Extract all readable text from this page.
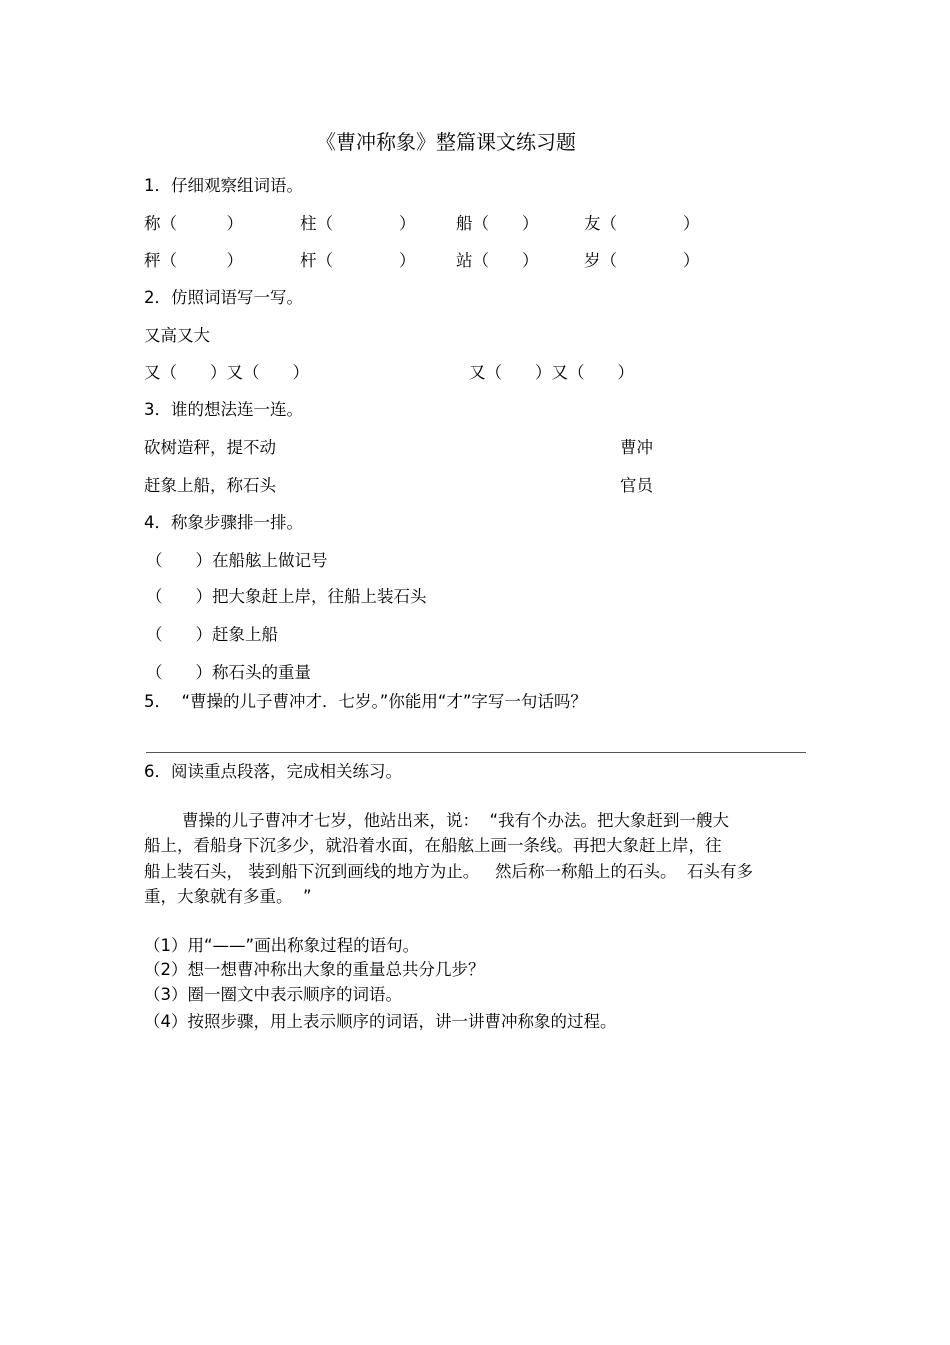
《曹冲称象》整篇课文练习题
1．仔细观察组词语。
称（　　　）	柱（　　　　） 船（　　）	友（　　　　）
秤（　　　）	杆（　　　　） 站（　　）	岁（　　　　）
2．仿照词语写一写。
又高又大
又（　　）又（　　）	又（　　）又（　　）
3．谁的想法连一连。
砍树造秤，提不动	曹冲
赶象上船，称石头	官员
4．称象步骤排一排。
（　　）在船舷上做记号
（　　）把大象赶上岸，往船上装石头
（　　）赶象上船
（　　）称石头的重量
5．  “曹操的儿子曹冲才．七岁。”你能用“才”字写一句话吗？
6．阅读重点段落，完成相关练习。
曹操的儿子曹冲才七岁，他站出来，说：  “我有个办法。把大象赶到一艘大
船上，看船身下沉多少，就沿着水面，在船舷上画一条线。再把大象赶上岸，往
船上装石头， 装到船下沉到画线的地方为止。   然后称一称船上的石头。  石头有多
重，大象就有多重。  ”
（1）用“——”画出称象过程的语句。
（2）想一想曹冲称出大象的重量总共分几步？
（3）圈一圈文中表示顺序的词语。
（4）按照步骤，用上表示顺序的词语，讲一讲曹冲称象的过程。
